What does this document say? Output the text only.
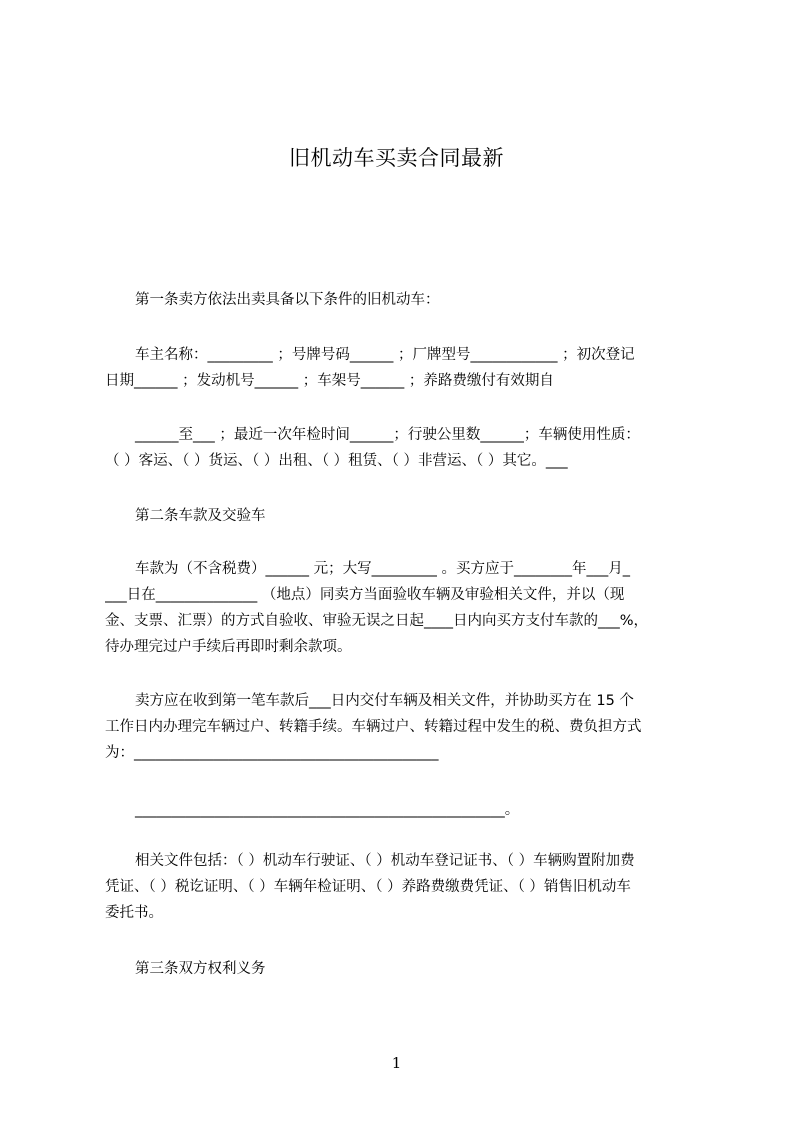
旧机动车买卖合同最新
第一条卖方依法出卖具备以下条件的旧机动车：
车主名称：_________ ；号牌号码______ ；厂牌型号____________ ；初次登记
日期______ ；发动机号______ ；车架号______ ；养路费缴付有效期自
______至___ ；最近一次年检时间______；行驶公里数______；车辆使用性质：
（ ）客运、（ ）货运、（ ）出租、（ ）租赁、（ ）非营运、（ ）其它。___
第二条车款及交验车
车款为（不含税费）______ 元；大写_________ 。买方应于________年___月_
___日在______________ （地点）同卖方当面验收车辆及审验相关文件，并以（现
金、支票、汇票）的方式自验收、审验无误之日起____日内向买方支付车款的___%，
待办理完过户手续后再即时剩余款项。
卖方应在收到第一笔车款后___日内交付车辆及相关文件，并协助买方在 15 个
工作日内办理完车辆过户、转籍手续。车辆过户、转籍过程中发生的税、费负担方式
为：__________________________________________
___________________________________________________。
相关文件包括：（ ）机动车行驶证、（ ）机动车登记证书、（ ）车辆购置附加费
凭证、（ ）税讫证明、（ ）车辆年检证明、（ ）养路费缴费凭证、（ ）销售旧机动车
委托书。
第三条双方权利义务
1
